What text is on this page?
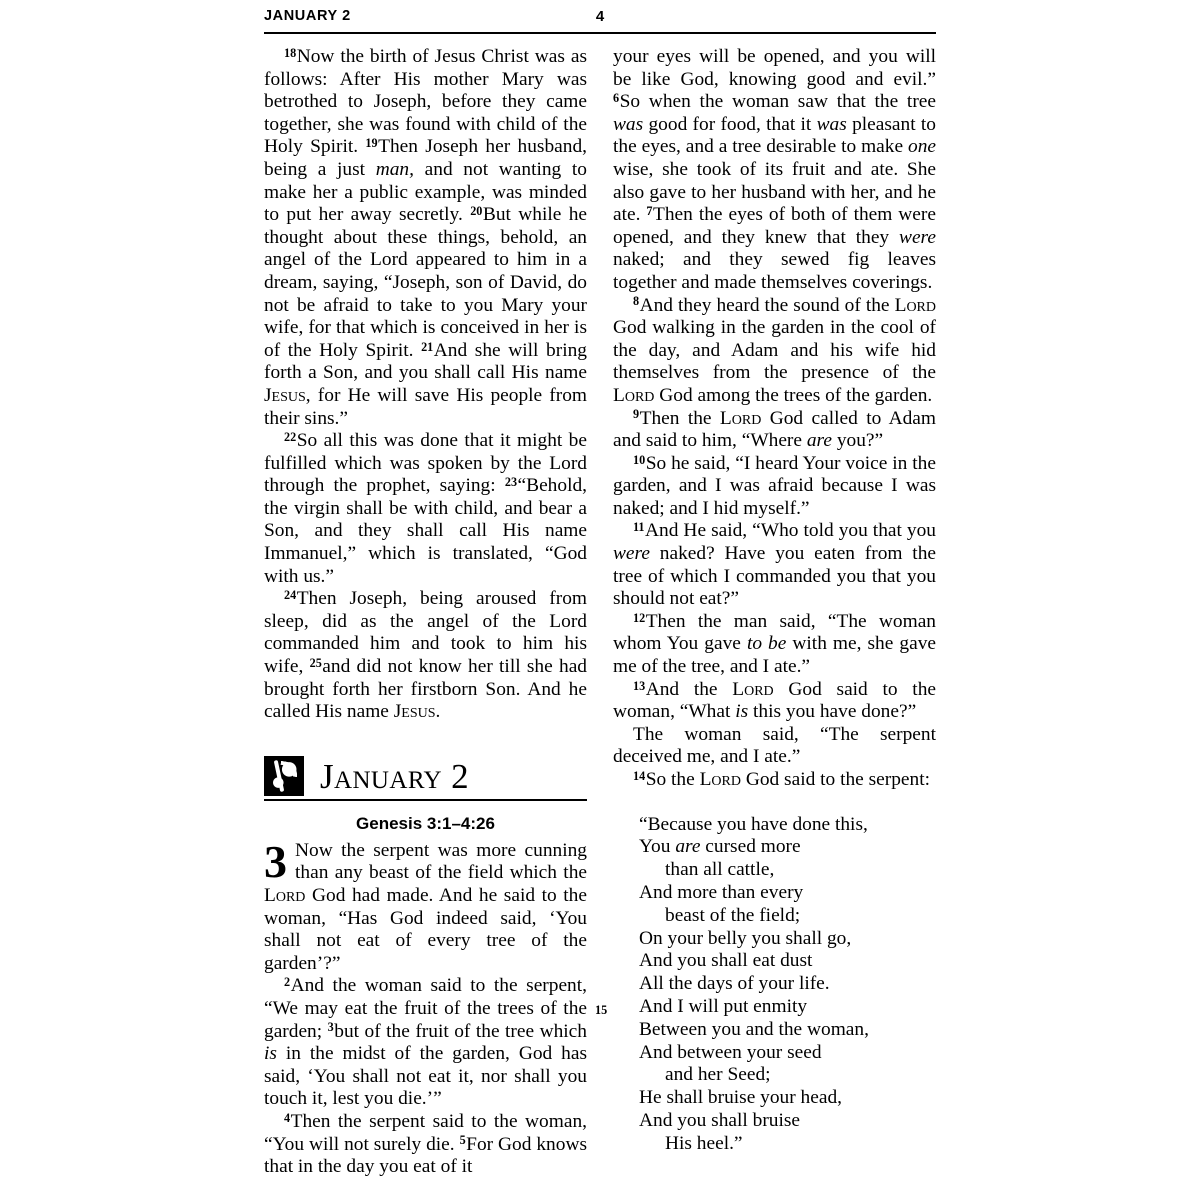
JANUARY 2	4

$^{18}$Now the birth of Jesus Christ was as follows: After His mother Mary was betrothed to Joseph, before they came together, she was found with child of the Holy Spirit. $^{19}$Then Joseph her husband, being a just man, and not wanting to make her a public example, was minded to put her away secretly. $^{20}$But while he thought about these things, behold, an angel of the Lord appeared to him in a dream, saying, “Joseph, son of David, do not be afraid to take to you Mary your wife, for that which is conceived in her is of the Holy Spirit. $^{21}$And she will bring forth a Son, and you shall call His name Jesus, for He will save His people from their sins.”

$^{22}$So all this was done that it might be fulfilled which was spoken by the Lord through the prophet, saying: $^{23}$“Behold, the virgin shall be with child, and bear a Son, and they shall call His name Immanuel,” which is translated, “God with us.”

$^{24}$Then Joseph, being aroused from sleep, did as the angel of the Lord commanded him and took to him his wife, $^{25}$and did not know her till she had brought forth her firstborn Son. And he called His name Jesus.

January 2
Genesis 3:1–4:26

3 Now the serpent was more cunning than any beast of the field which the Lord God had made. And he said to the woman, “Has God indeed said, ‘You shall not eat of every tree of the garden’?”

$^2$And the woman said to the serpent, “We may eat the fruit of the trees of the garden; $^3$but of the fruit of the tree which is in the midst of the garden, God has said, ‘You shall not eat it, nor shall you touch it, lest you die.’”

$^4$Then the serpent said to the woman, “You will not surely die. $^5$For God knows that in the day you eat of it

your eyes will be opened, and you will be like God, knowing good and evil.” $^6$So when the woman saw that the tree was good for food, that it was pleasant to the eyes, and a tree desirable to make one wise, she took of its fruit and ate. She also gave to her husband with her, and he ate. $^7$Then the eyes of both of them were opened, and they knew that they were naked; and they sewed fig leaves together and made themselves coverings.

$^8$And they heard the sound of the Lord God walking in the garden in the cool of the day, and Adam and his wife hid themselves from the presence of the Lord God among the trees of the garden.

$^9$Then the Lord God called to Adam and said to him, “Where are you?”

$^{10}$So he said, “I heard Your voice in the garden, and I was afraid because I was naked; and I hid myself.”

$^{11}$And He said, “Who told you that you were naked? Have you eaten from the tree of which I commanded you that you should not eat?”

$^{12}$Then the man said, “The woman whom You gave to be with me, she gave me of the tree, and I ate.”

$^{13}$And the Lord God said to the woman, “What is this you have done?”

The woman said, “The serpent deceived me, and I ate.”

$^{14}$So the Lord God said to the serpent:

“Because you have done this,
You are cursed more
than all cattle,
And more than every
beast of the field;
On your belly you shall go,
And you shall eat dust
All the days of your life.
15 And I will put enmity
Between you and the woman,
And between your seed
and her Seed;
He shall bruise your head,
And you shall bruise
His heel.”
